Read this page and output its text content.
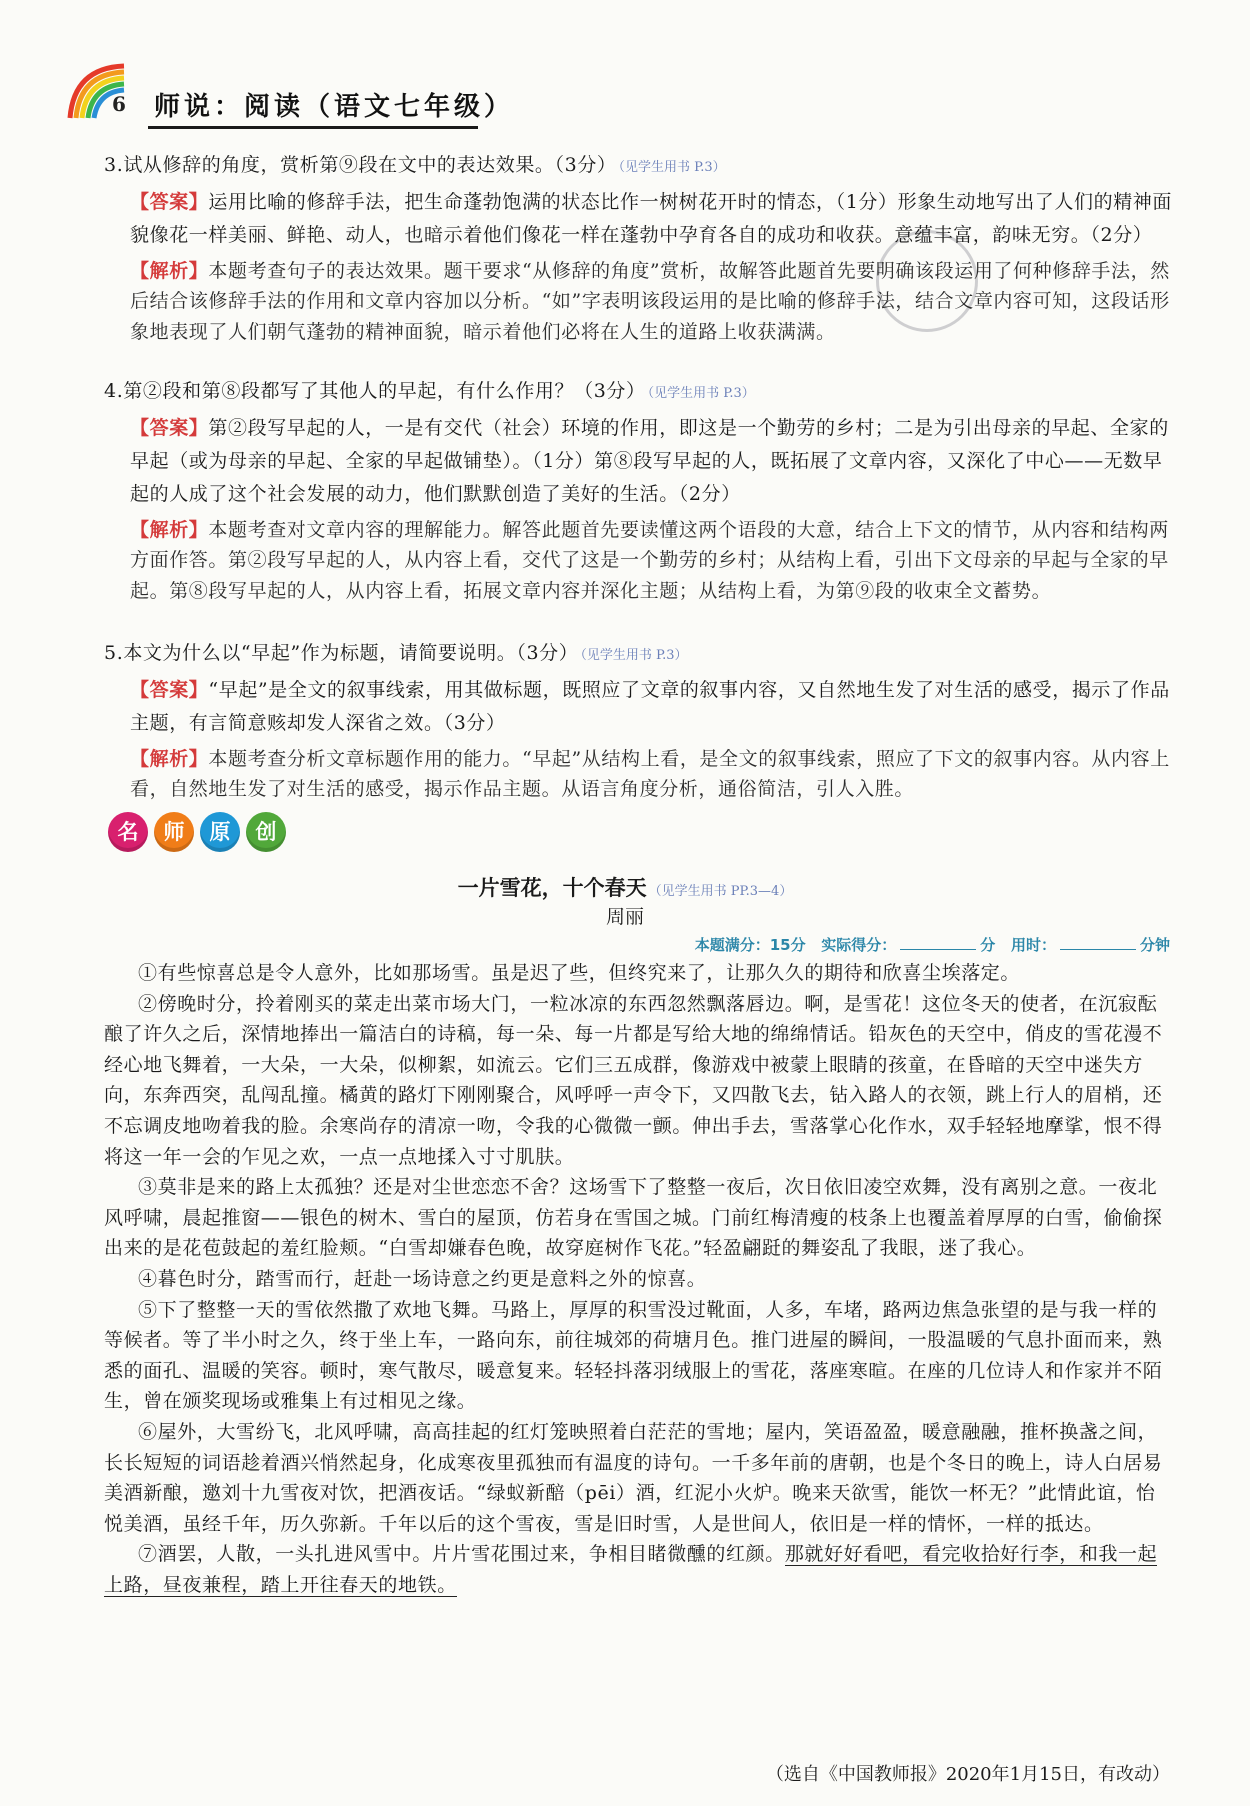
6 师说：阅读（语文七年级）

3.试从修辞的角度，赏析第⑨段在文中的表达效果。（3分） （见学生用书 P.3）

【答案】运用比喻的修辞手法，把生命蓬勃饱满的状态比作一树树花开时的情态，（1分）形象生动地写出了人们的精神面貌像花一样美丽、鲜艳、动人，也暗示着他们像花一样在蓬勃中孕育各自的成功和收获。意蕴丰富，韵味无穷。（2分）

【解析】本题考查句子的表达效果。题干要求“从修辞的角度”赏析，故解答此题首先要明确该段运用了何种修辞手法，然后结合该修辞手法的作用和文章内容加以分析。“如”字表明该段运用的是比喻的修辞手法，结合文章内容可知，这段话形象地表现了人们朝气蓬勃的精神面貌，暗示着他们必将在人生的道路上收获满满。

4.第②段和第⑧段都写了其他人的早起，有什么作用？（3分） （见学生用书 P.3）

【答案】第②段写早起的人，一是有交代（社会）环境的作用，即这是一个勤劳的乡村；二是为引出母亲的早起、全家的早起（或为母亲的早起、全家的早起做铺垫）。（1分）第⑧段写早起的人，既拓展了文章内容，又深化了中心——无数早起的人成了这个社会发展的动力，他们默默创造了美好的生活。（2分）

【解析】本题考查对文章内容的理解能力。解答此题首先要读懂这两个语段的大意，结合上下文的情节，从内容和结构两方面作答。第②段写早起的人，从内容上看，交代了这是一个勤劳的乡村；从结构上看，引出下文母亲的早起与全家的早起。第⑧段写早起的人，从内容上看，拓展文章内容并深化主题；从结构上看，为第⑨段的收束全文蓄势。

5.本文为什么以“早起”作为标题，请简要说明。（3分） （见学生用书 P.3）

【答案】“早起”是全文的叙事线索，用其做标题，既照应了文章的叙事内容，又自然地生发了对生活的感受，揭示了作品主题，有言简意赅却发人深省之效。（3分）

【解析】本题考查分析文章标题作用的能力。“早起”从结构上看，是全文的叙事线索，照应了下文的叙事内容。从内容上看，自然地生发了对生活的感受，揭示作品主题。从语言角度分析，通俗简洁，引人入胜。

名 师 原 创
一片雪花，十个春天 （见学生用书 PP.3—4）
周丽
本题满分：15分 实际得分：	分 用时：	分钟

①有些惊喜总是令人意外，比如那场雪。虽是迟了些，但终究来了，让那久久的期待和欣喜尘埃落定。

②傍晚时分，拎着刚买的菜走出菜市场大门，一粒冰凉的东西忽然飘落唇边。啊，是雪花！这位冬天的使者，在沉寂酝酿了许久之后，深情地捧出一篇洁白的诗稿，每一朵、每一片都是写给大地的绵绵情话。铅灰色的天空中，俏皮的雪花漫不经心地飞舞着，一大朵，一大朵，似柳絮，如流云。它们三五成群，像游戏中被蒙上眼睛的孩童，在昏暗的天空中迷失方向，东奔西突，乱闯乱撞。橘黄的路灯下刚刚聚合，风呼呼一声令下，又四散飞去，钻入路人的衣领，跳上行人的眉梢，还不忘调皮地吻着我的脸。余寒尚存的清凉一吻，令我的心微微一颤。伸出手去，雪落掌心化作水，双手轻轻地摩挲，恨不得将这一年一会的乍见之欢，一点一点地揉入寸寸肌肤。

③莫非是来的路上太孤独？还是对尘世恋恋不舍？这场雪下了整整一夜后，次日依旧凌空欢舞，没有离别之意。一夜北风呼啸，晨起推窗——银色的树木、雪白的屋顶，仿若身在雪国之城。门前红梅清瘦的枝条上也覆盖着厚厚的白雪，偷偷探出来的是花苞鼓起的羞红脸颊。“白雪却嫌春色晚，故穿庭树作飞花。”轻盈翩跹的舞姿乱了我眼，迷了我心。

④暮色时分，踏雪而行，赶赴一场诗意之约更是意料之外的惊喜。

⑤下了整整一天的雪依然撒了欢地飞舞。马路上，厚厚的积雪没过靴面，人多，车堵，路两边焦急张望的是与我一样的等候者。等了半小时之久，终于坐上车，一路向东，前往城郊的荷塘月色。推门进屋的瞬间，一股温暖的气息扑面而来，熟悉的面孔、温暖的笑容。顿时，寒气散尽，暖意复来。轻轻抖落羽绒服上的雪花，落座寒暄。在座的几位诗人和作家并不陌生，曾在颁奖现场或雅集上有过相见之缘。

⑥屋外，大雪纷飞，北风呼啸，高高挂起的红灯笼映照着白茫茫的雪地；屋内，笑语盈盈，暖意融融，推杯换盏之间，长长短短的词语趁着酒兴悄然起身，化成寒夜里孤独而有温度的诗句。一千多年前的唐朝，也是个冬日的晚上，诗人白居易美酒新酿，邀刘十九雪夜对饮，把酒夜话。“绿蚁新醅（pēi）酒，红泥小火炉。晚来天欲雪，能饮一杯无？”此情此谊，怡悦美酒，虽经千年，历久弥新。千年以后的这个雪夜，雪是旧时雪，人是世间人，依旧是一样的情怀，一样的抵达。

⑦酒罢，人散，一头扎进风雪中。片片雪花围过来，争相目睹微醺的红颜。那就好好看吧，看完收拾好行李，和我一起上路，昼夜兼程，踏上开往春天的地铁。

（选自《中国教师报》2020年1月15日，有改动）
